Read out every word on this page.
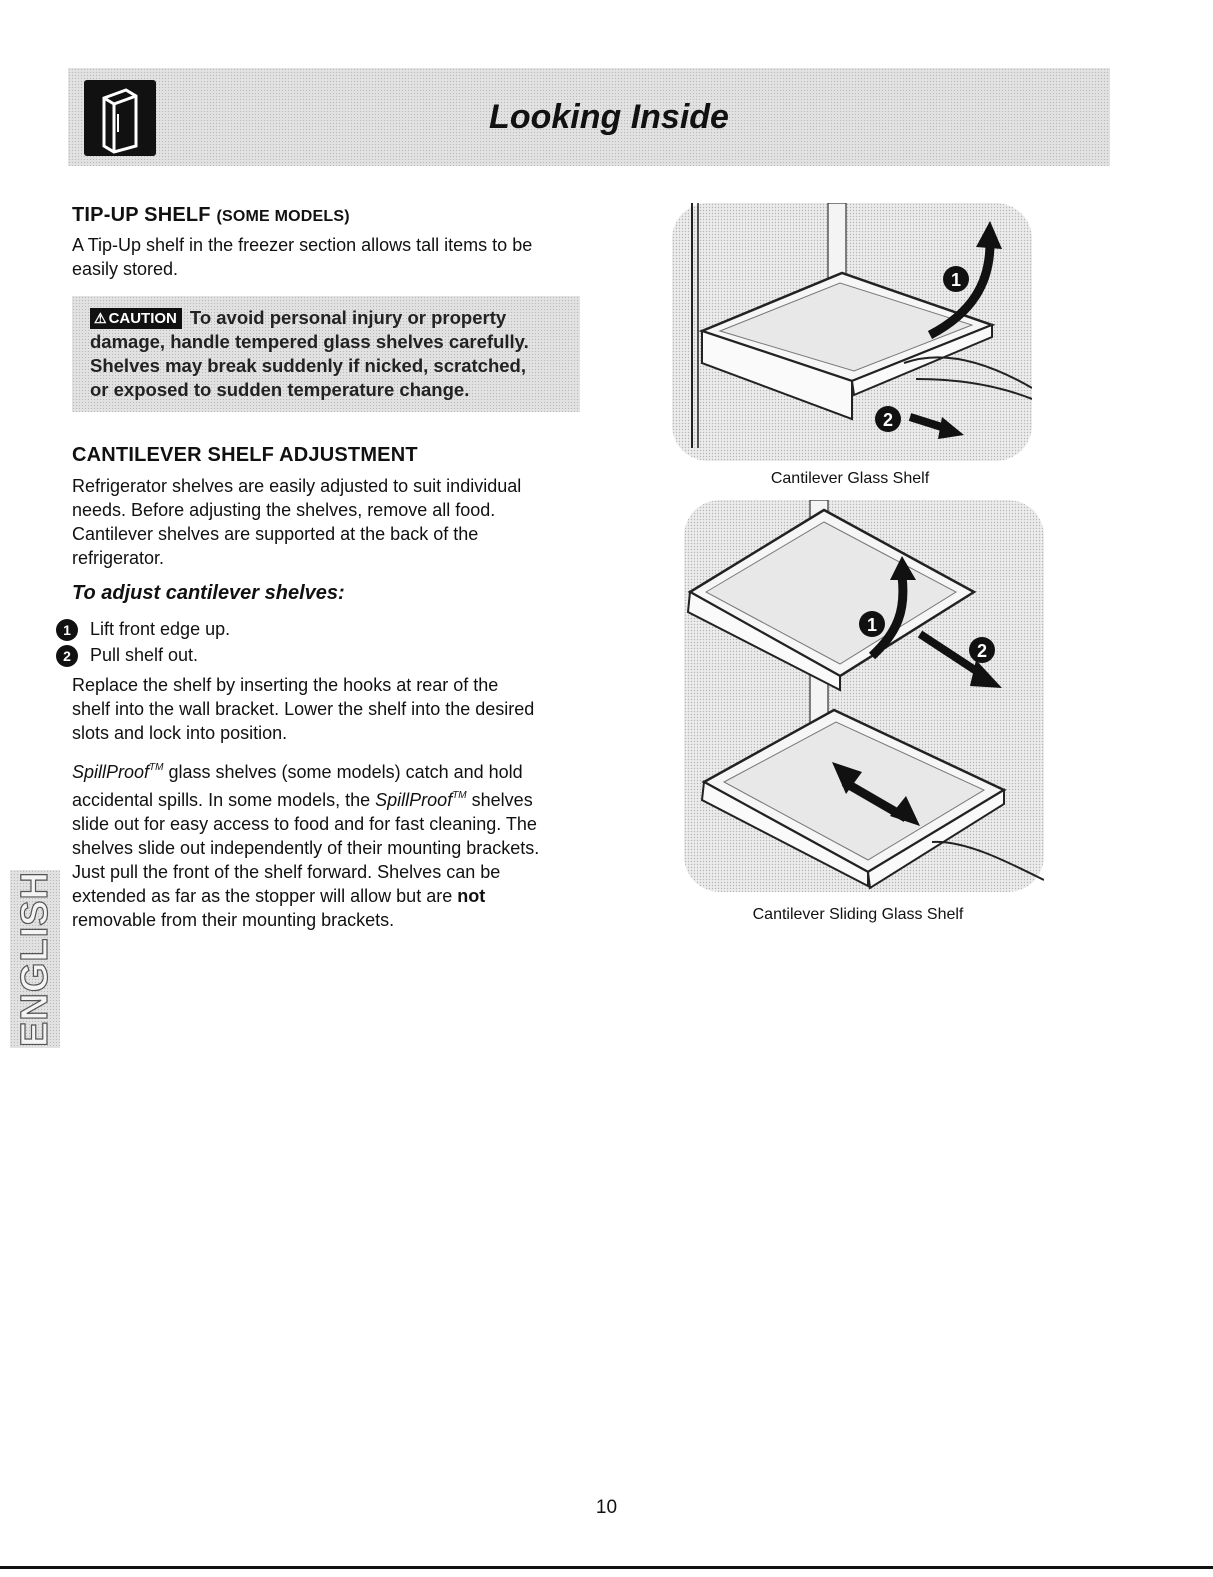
Looking Inside
TIP-UP SHELF (SOME MODELS)
A Tip-Up shelf in the freezer section allows tall items to be
easily stored.
⚠ CAUTION To avoid personal injury or property
damage, handle tempered glass shelves carefully.
Shelves may break suddenly if nicked, scratched,
or exposed to sudden temperature change.
CANTILEVER SHELF ADJUSTMENT
Refrigerator shelves are easily adjusted to suit individual
needs. Before adjusting the shelves, remove all food.
Cantilever shelves are supported at the back of the
refrigerator.
To adjust cantilever shelves:
1 Lift front edge up.
2 Pull shelf out.
Replace the shelf by inserting the hooks at rear of the
shelf into the wall bracket. Lower the shelf into the desired
slots and lock into position.
SpillProof™ glass shelves (some models) catch and hold
accidental spills. In some models, the SpillProof™ shelves
slide out for easy access to food and for fast cleaning. The
shelves slide out independently of their mounting brackets.
Just pull the front of the shelf forward. Shelves can be
extended as far as the stopper will allow but are not
removable from their mounting brackets.
ENGLISH
1
2
Cantilever Glass Shelf
1
2
Cantilever Sliding Glass Shelf
10
